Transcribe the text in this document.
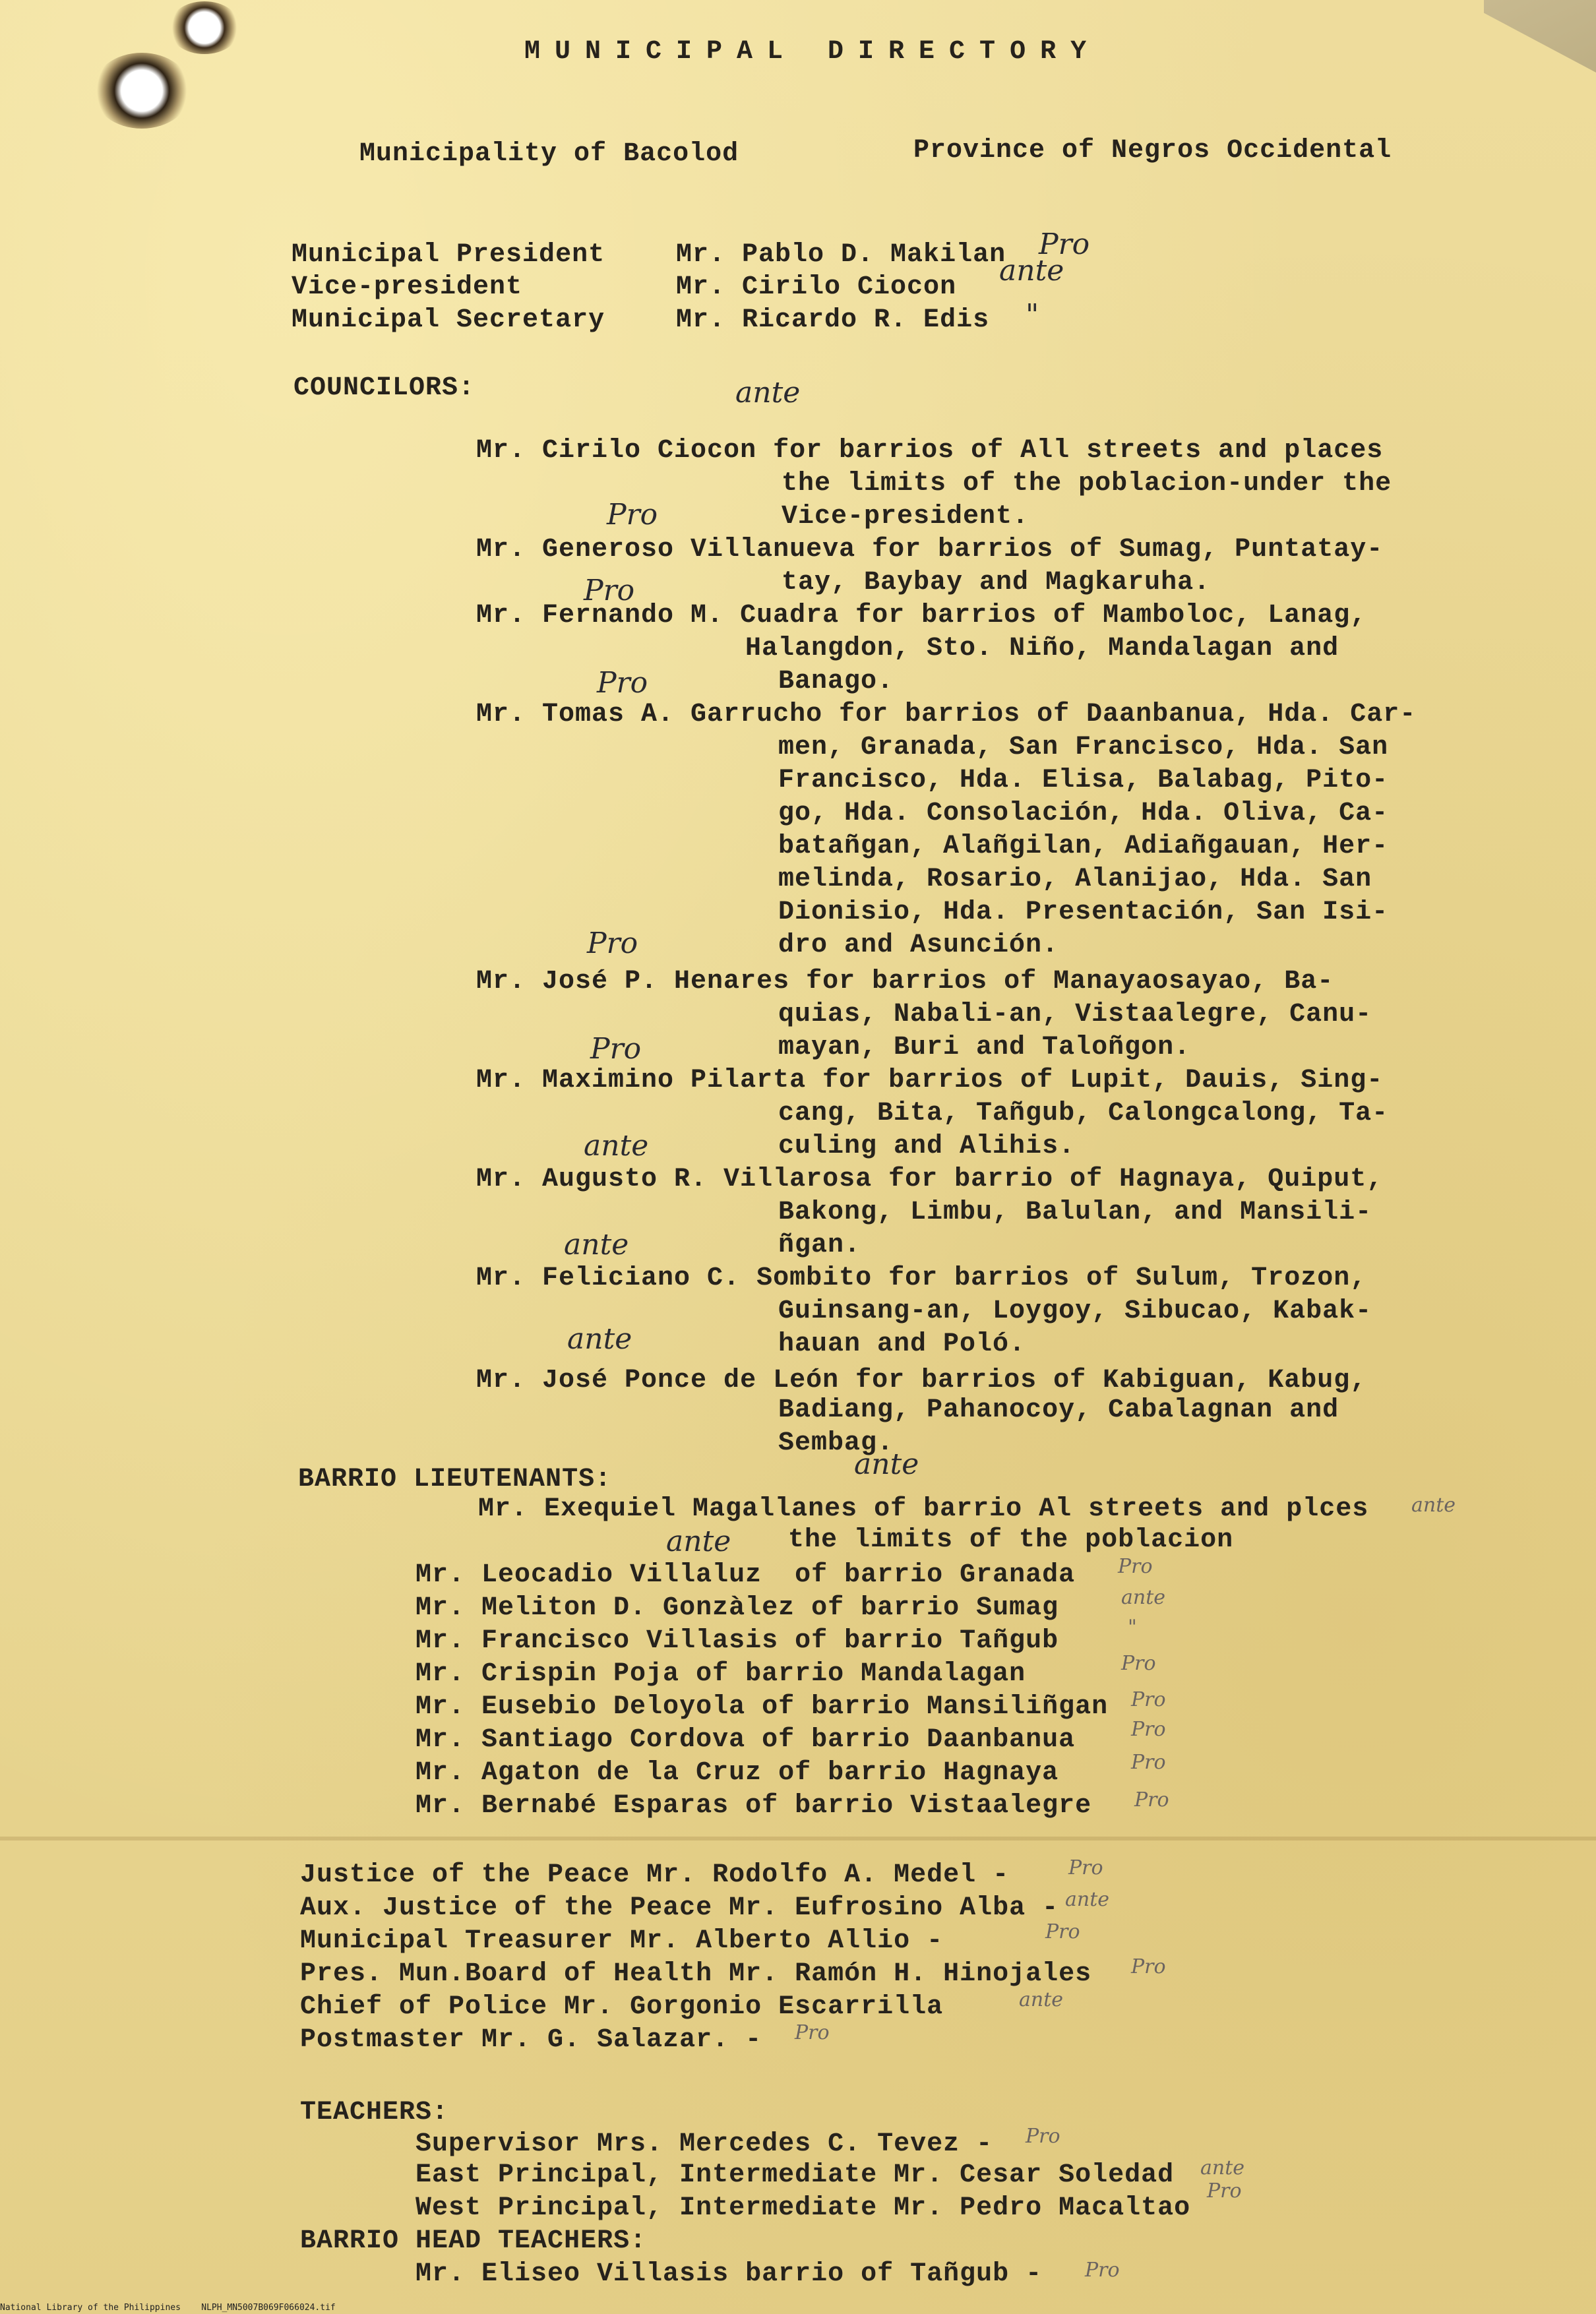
MUNICIPAL DIRECTORY
Municipality of Bacolod	Province of Negros Occidental
Municipal President	Mr. Pablo D. Makilan Pro
Vice-president	Mr. Cirilo Ciocon ante
Municipal Secretary	Mr. Ricardo R. Edis "
COUNCILORS:
Mr. Cirilo Ciocon for barrios of All streets and places
the limits of the poblacion-under the
Vice-president.
ante
Mr. Generoso Villanueva for barrios of Sumag, Puntatay-
tay, Baybay and Magkaruha.
Pro
Mr. Fernando M. Cuadra for barrios of Mamboloc, Lanag,
Halangdon, Sto. Niño, Mandalagan and
Banago.
Pro
Mr. Tomas A. Garrucho for barrios of Daanbanua, Hda. Car-
men, Granada, San Francisco, Hda. San
Francisco, Hda. Elisa, Balabag, Pito-
go, Hda. Consolación, Hda. Oliva, Ca-
batañgan, Alañgilan, Adiañgauan, Her-
melinda, Rosario, Alanijao, Hda. San
Dionisio, Hda. Presentación, San Isi-
dro and Asunción.
Pro
Mr. José P. Henares for barrios of Manayaosayao, Ba-
quias, Nabali-an, Vistaalegre, Canu-
mayan, Buri and Taloñgon.
Pro
Mr. Maximino Pilarta for barrios of Lupit, Dauis, Sing-
cang, Bita, Tañgub, Calongcalong, Ta-
culing and Alihis.
Pro
Mr. Augusto R. Villarosa for barrio of Hagnaya, Quiput,
Bakong, Limbu, Balulan, and Mansili-
ñgan.
ante
Mr. Feliciano C. Sombito for barrios of Sulum, Trozon,
Guinsang-an, Loygoy, Sibucao, Kabak-
hauan and Poló.
ante
Mr. José Ponce de León for barrios of Kabiguan, Kabug,
Badiang, Pahanocoy, Cabalagnan and
Sembag.
ante
BARRIO LIEUTENANTS:
Mr. Exequiel Magallanes of barrio Al streets and plces
the limits of the poblacion
ante
ante
Mr. Leocadio Villaluz  of barrio Granada
ante
Pro
Mr. Meliton D. Gonzàlez of barrio Sumag	ante
Mr. Francisco Villasis of barrio Tañgub	"
Mr. Crispin Poja of barrio Mandalagan	Pro
Mr. Eusebio Deloyola of barrio Mansiliñgan Pro
Mr. Santiago Cordova of barrio Daanbanua	Pro
Mr. Agaton de la Cruz of barrio Hagnaya	Pro
Mr. Bernabé Esparas of barrio Vistaalegre Pro
Justice of the Peace Mr. Rodolfo A. Medel -	Pro
Aux. Justice of the Peace Mr. Eufrosino Alba - ante
Municipal Treasurer Mr. Alberto Allio -	Pro
Pres. Mun.Board of Health Mr. Ramón H. Hinojales Pro
Chief of Police Mr. Gorgonio Escarrilla	ante
Postmaster Mr. G. Salazar. - Pro
TEACHERS:
Supervisor Mrs. Mercedes C. Tevez - Pro
East Principal, Intermediate Mr. Cesar Soledad ante
West Principal, Intermediate Mr. Pedro Macaltao
Pro
BARRIO HEAD TEACHERS:
Mr. Eliseo Villasis barrio of Tañgub - Pro
National Library of the Philippines    NLPH_MN5007B069F066024.tif
